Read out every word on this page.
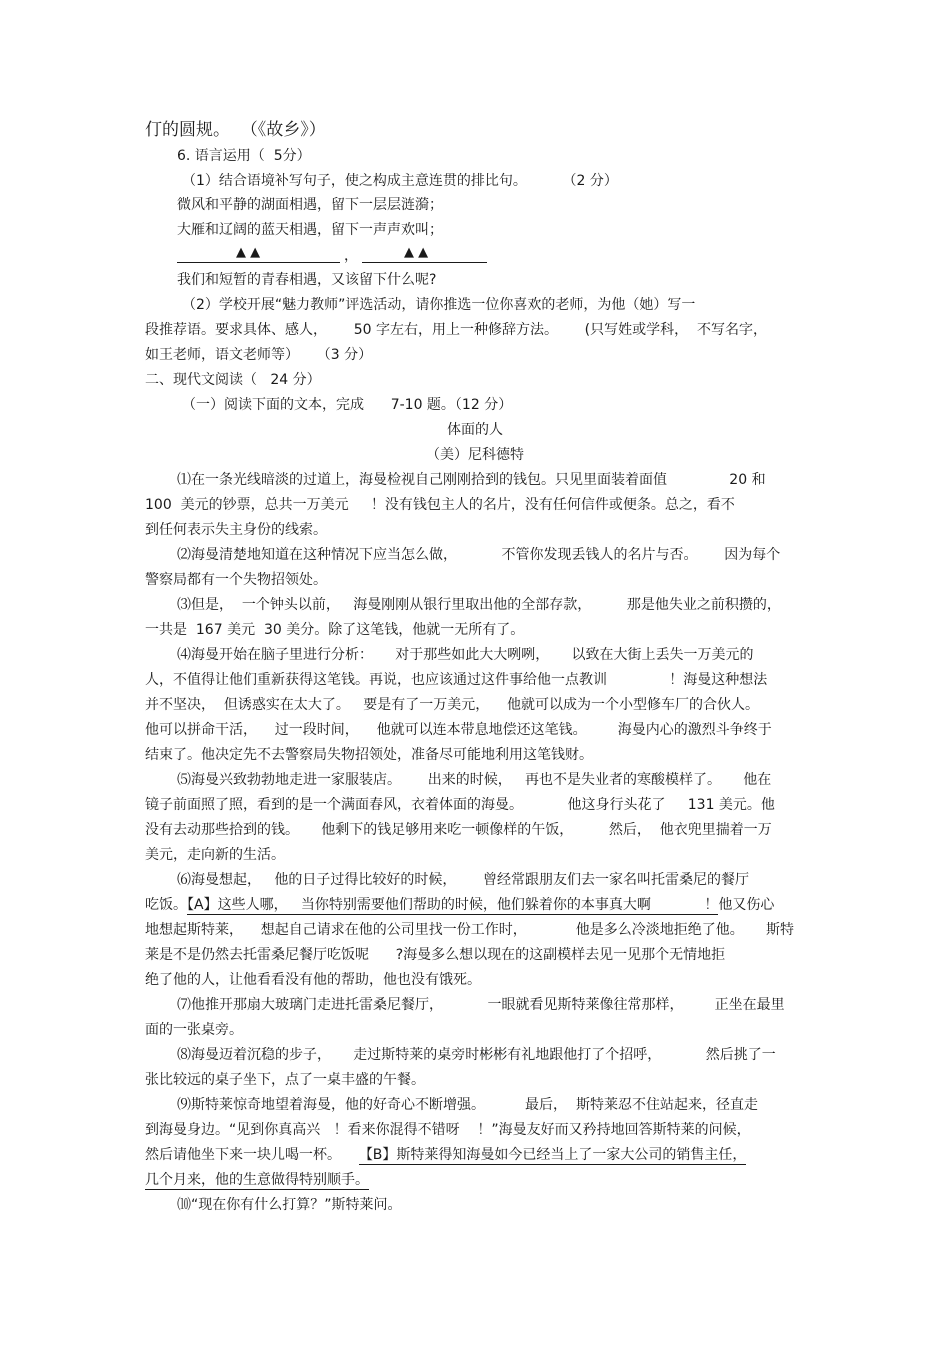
仃的圆规。  （《故乡》）
6. 语言运用（  5分）
（1）结合语境补写句子，使之构成主意连贯的排比句。        （2 分）
微风和平静的湖面相遇，留下一层层涟漪；
大雁和辽阔的蓝天相遇，留下一声声欢叫；
▲ ▲	，	▲ ▲
我们和短暂的青春相遇，又该留下什么呢?
（2）学校开展“魅力教师”评选活动，请你推选一位你喜欢的老师，为他（她）写一
段推荐语。要求具体、感人，      50 字左右，用上一种修辞方法。      (只写姓或学科，  不写名字，
如王老师，语文老师等）    （3 分）
二、现代文阅读（   24 分）
（一）阅读下面的文本，完成      7-10 题。（12 分）
体面的人
（美）尼科德特
⑴在一条光线暗淡的过道上，海曼检视自己刚刚拾到的钱包。只见里面装着面值              20 和
100  美元的钞票，总共一万美元     ！没有钱包主人的名片，没有任何信件或便条。总之，看不
到任何表示失主身份的线索。
⑵海曼清楚地知道在这种情况下应当怎么做，          不管你发现丢钱人的名片与否。      因为每个
警察局都有一个失物招领处。
⑶但是，  一个钟头以前，   海曼刚刚从银行里取出他的全部存款，        那是他失业之前积攒的，
一共是  167 美元  30 美分。除了这笔钱，他就一无所有了。
⑷海曼开始在脑子里进行分析：     对于那些如此大大咧咧，     以致在大街上丢失一万美元的
人，不值得让他们重新获得这笔钱。再说，也应该通过这件事给他一点教训              ！海曼这种想法
并不坚决，  但诱惑实在太大了。   要是有了一万美元，    他就可以成为一个小型修车厂的合伙人。
他可以拼命干活，    过一段时间，    他就可以连本带息地偿还这笔钱。       海曼内心的激烈斗争终于
结束了。他决定先不去警察局失物招领处，准备尽可能地利用这笔钱财。
⑸海曼兴致勃勃地走进一家服装店。      出来的时候，   再也不是失业者的寒酸模样了。     他在
镜子前面照了照，看到的是一个满面春风，衣着体面的海曼。          他这身行头花了     131 美元。他
没有去动那些拾到的钱。     他剩下的钱足够用来吃一顿像样的午饭，        然后，  他衣兜里揣着一万
美元，走向新的生活。
⑹海曼想起，   他的日子过得比较好的时候，      曾经常跟朋友们去一家名叫托雷桑尼的餐厅
吃饭。【A】这些人哪，   当你特别需要他们帮助的时候，他们躲着你的本事真大啊            ！他又伤心
地想起斯特莱，    想起自己请求在他的公司里找一份工作时，           他是多么冷淡地拒绝了他。     斯特
莱是不是仍然去托雷桑尼餐厅吃饭呢      ?海曼多么想以现在的这副模样去见一见那个无情地拒
绝了他的人，让他看看没有他的帮助，他也没有饿死。
⑺他推开那扇大玻璃门走进托雷桑尼餐厅，          一眼就看见斯特莱像往常那样，       正坐在最里
面的一张桌旁。
⑻海曼迈着沉稳的步子，     走过斯特莱的桌旁时彬彬有礼地跟他打了个招呼，          然后挑了一
张比较远的桌子坐下，点了一桌丰盛的午餐。
⑼斯特莱惊奇地望着海曼，他的好奇心不断增强。         最后，  斯特莱忍不住站起来，径直走
到海曼身边。“见到你真高兴   ！看来你混得不错呀    ！”海曼友好而又矜持地回答斯特莱的问候，
然后请他坐下来一块儿喝一杯。    【B】斯特莱得知海曼如今已经当上了一家大公司的销售主任，
几个月来，他的生意做得特别顺手。
⑽“现在你有什么打算？”斯特莱问。
